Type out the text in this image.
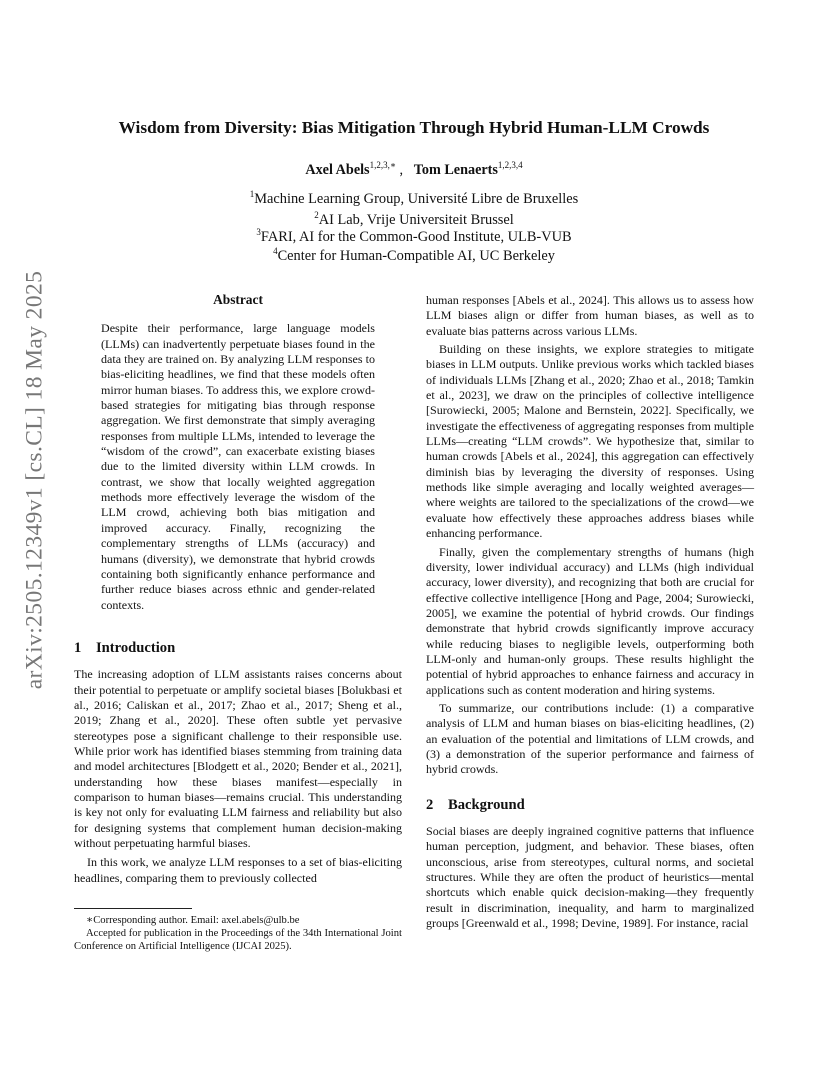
arXiv:2505.12349v1 [cs.CL] 18 May 2025
Wisdom from Diversity: Bias Mitigation Through Hybrid Human-LLM Crowds
Axel Abels$^{1,2,3,∗}$ ,   Tom Lenaerts$^{1,2,3,4}$
$^1$Machine Learning Group, Université Libre de Bruxelles
$^2$AI Lab, Vrije Universiteit Brussel
$^3$FARI, AI for the Common-Good Institute, ULB-VUB
$^4$Center for Human-Compatible AI, UC Berkeley
Abstract

Despite their performance, large language models (LLMs) can inadvertently perpetuate biases found in the data they are trained on. By analyzing LLM responses to bias-eliciting headlines, we find that these models often mirror human biases. To address this, we explore crowd-based strategies for mitigating bias through response aggregation. We first demonstrate that simply averaging responses from multiple LLMs, intended to leverage the “wisdom of the crowd”, can exacerbate existing biases due to the limited diversity within LLM crowds. In contrast, we show that locally weighted aggregation methods more effectively leverage the wisdom of the LLM crowd, achieving both bias mitigation and improved accuracy. Finally, recognizing the complementary strengths of LLMs (accuracy) and humans (diversity), we demonstrate that hybrid crowds containing both significantly enhance performance and further reduce biases across ethnic and gender-related contexts.

1 Introduction

The increasing adoption of LLM assistants raises concerns about their potential to perpetuate or amplify societal biases [Bolukbasi et al., 2016; Caliskan et al., 2017; Zhao et al., 2017; Sheng et al., 2019; Zhang et al., 2020]. These often subtle yet pervasive stereotypes pose a significant challenge to their responsible use. While prior work has identified biases stemming from training data and model architectures [Blodgett et al., 2020; Bender et al., 2021], understanding how these biases manifest—especially in comparison to human biases—remains crucial. This understanding is key not only for evaluating LLM fairness and reliability but also for designing systems that complement human decision-making without perpetuating harmful biases.

In this work, we analyze LLM responses to a set of bias-eliciting headlines, comparing them to previously collected

human responses [Abels et al., 2024]. This allows us to assess how LLM biases align or differ from human biases, as well as to evaluate bias patterns across various LLMs.

Building on these insights, we explore strategies to mitigate biases in LLM outputs. Unlike previous works which tackled biases of individuals LLMs [Zhang et al., 2020; Zhao et al., 2018; Tamkin et al., 2023], we draw on the principles of collective intelligence [Surowiecki, 2005; Malone and Bernstein, 2022]. Specifically, we investigate the effectiveness of aggregating responses from multiple LLMs—creating “LLM crowds”. We hypothesize that, similar to human crowds [Abels et al., 2024], this aggregation can effectively diminish bias by leveraging the diversity of responses. Using methods like simple averaging and locally weighted averages—where weights are tailored to the specializations of the crowd—we evaluate how effectively these approaches address biases while enhancing performance.

Finally, given the complementary strengths of humans (high diversity, lower individual accuracy) and LLMs (high individual accuracy, lower diversity), and recognizing that both are crucial for effective collective intelligence [Hong and Page, 2004; Surowiecki, 2005], we examine the potential of hybrid crowds. Our findings demonstrate that hybrid crowds significantly improve accuracy while reducing biases to negligible levels, outperforming both LLM-only and human-only groups. These results highlight the potential of hybrid approaches to enhance fairness and accuracy in applications such as content moderation and hiring systems.

To summarize, our contributions include: (1) a comparative analysis of LLM and human biases on bias-eliciting headlines, (2) an evaluation of the potential and limitations of LLM crowds, and (3) a demonstration of the superior performance and fairness of hybrid crowds.

2 Background

Social biases are deeply ingrained cognitive patterns that influence human perception, judgment, and behavior. These biases, often unconscious, arise from stereotypes, cultural norms, and societal structures. While they are often the product of heuristics—mental shortcuts which enable quick decision-making—they frequently result in discrimination, inequality, and harm to marginalized groups [Greenwald et al., 1998; Devine, 1989]. For instance, racial

∗Corresponding author. Email: axel.abels@ulb.be

Accepted for publication in the Proceedings of the 34th International Joint Conference on Artificial Intelligence (IJCAI 2025).
